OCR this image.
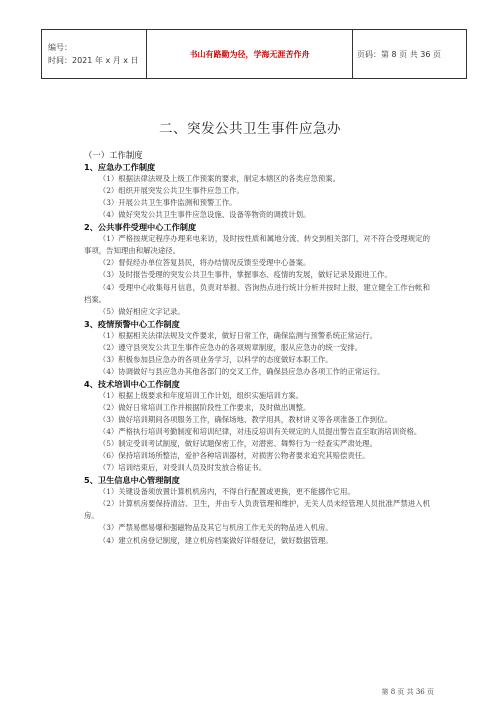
编号：
时间：2021 年 x 月 x 日
	书山有路勤为径，学海无涯苦作舟	页码：第 8 页 共 36 页
二、突发公共卫生事件应急办
（一）工作制度
1、应急办工作制度
（1）根据法律法规及上级工作预案的要求，制定本辖区的各类应急预案。
（2）组织开展突发公共卫生事件应急工作。
（3）开展公共卫生事件监测和预警工作。
（4）做好突发公共卫生事件应急设施、设备等物资的调拨计划。
2、公共事件受理中心工作制度
（1）严格按规定程序办理来电来访，及时按性质和属地分流、转交到相关部门，对不符合受理规定的事项，告知理由和解决途径。
（2）督促经办单位答复县民，将办结情况反馈至受理中心备案。
（3）及时报告受理的突发公共卫生事件，掌握事态、疫情的发展，做好记录及跟进工作。
（4）受理中心收集每月信息，负责对举报、咨询热点进行统计分析并按时上报，建立健全工作台帐和档案。
（5）做好相应文字记录。
3、疫情预警中心工作制度
（1）根据相关法律法规及文件要求，做好日常工作，确保监测与预警系统正常运行。
（2）遵守县突发公共卫生事件应急办的各项规章制度，服从应急办的统一安排。
（3）积极参加县应急办的各项业务学习，以科学的态度做好本职工作。
（4）协调做好与县应急办其他各部门的交叉工作，确保县应急办各项工作的正常运行。
4、技术培训中心工作制度
（1）根据上级要求和年度培训工作计划，组织实施培训方案。
（2）做好日常培训工作并根据阶段性工作要求，及时做出调整。
（3）做好培训期间各项服务工作，确保场地、教学用具，教材讲义等各项准备工作到位。
（4）严格执行培训考勤制度和培训纪律，对违反培训有关规定的人员提出警告直至取消培训资格。
（5）制定受训考试制度，做好试题保密工作，对潜密、舞弊行为一经查实严肃处理。
（6）保持培训场所整洁，爱护各种培训器材，对损害公物者要求追究其赔偿责任。
（7）培训结束后，对受训人员及时发放合格证书。
5、卫生信息中心管理制度
（1）关键设备须放置计算机机房内，不得自行配置或更换，更不能挪作它用。
（2）计算机房要保持清洁、卫生，并由专人负责管理和维护，无关人员未经管理人员批准严禁进入机房。
（3）严禁易燃易爆和强磁物品及其它与机房工作无关的物品进入机房。
（4）建立机房登记制度，建立机房档案做好详细登记，做好数据管理。
第 8 页 共 36 页
